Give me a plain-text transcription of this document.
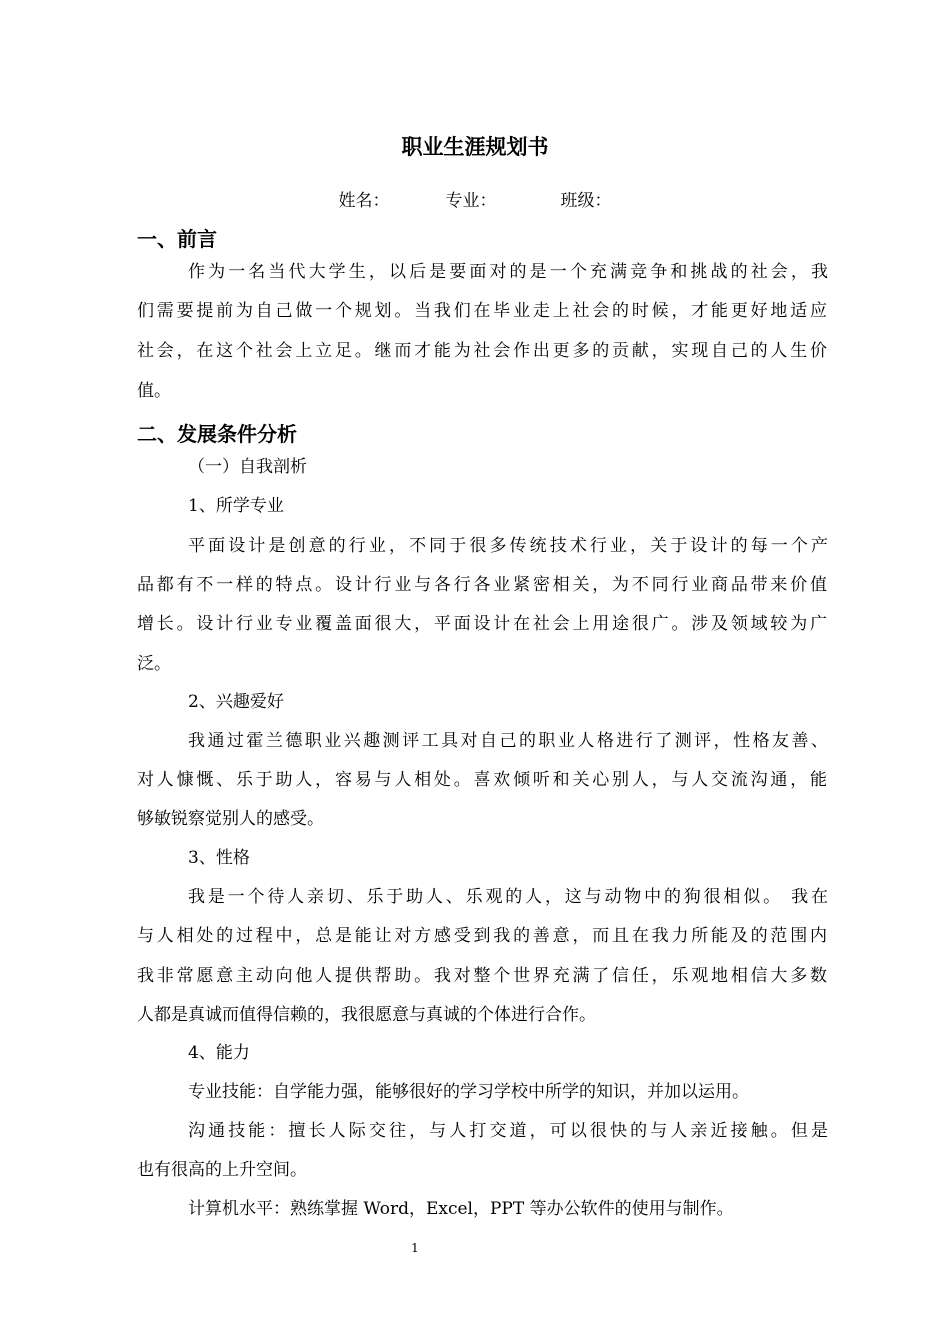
职业生涯规划书
姓名：	专业：	班级：
一、前言
作为一名当代大学生，以后是要面对的是一个充满竞争和挑战的社会，我
们需要提前为自己做一个规划。当我们在毕业走上社会的时候，才能更好地适应
社会，在这个社会上立足。继而才能为社会作出更多的贡献，实现自己的人生价
值。
二、发展条件分析
（一）自我剖析
1、所学专业
平面设计是创意的行业，不同于很多传统技术行业，关于设计的每一个产
品都有不一样的特点。设计行业与各行各业紧密相关，为不同行业商品带来价值
增长。设计行业专业覆盖面很大，平面设计在社会上用途很广。涉及领域较为广
泛。
2、兴趣爱好
我通过霍兰德职业兴趣测评工具对自己的职业人格进行了测评，性格友善、
对人慷慨、乐于助人，容易与人相处。喜欢倾听和关心别人，与人交流沟通，能
够敏锐察觉别人的感受。
3、性格
我是一个待人亲切、乐于助人、乐观的人，这与动物中的狗很相似。 我在
与人相处的过程中，总是能让对方感受到我的善意，而且在我力所能及的范围内
我非常愿意主动向他人提供帮助。我对整个世界充满了信任，乐观地相信大多数
人都是真诚而值得信赖的，我很愿意与真诚的个体进行合作。
4、能力
专业技能：自学能力强，能够很好的学习学校中所学的知识，并加以运用。
沟通技能：擅长人际交往，与人打交道，可以很快的与人亲近接触。但是
也有很高的上升空间。
计算机水平：熟练掌握 Word，Excel，PPT 等办公软件的使用与制作。
1
